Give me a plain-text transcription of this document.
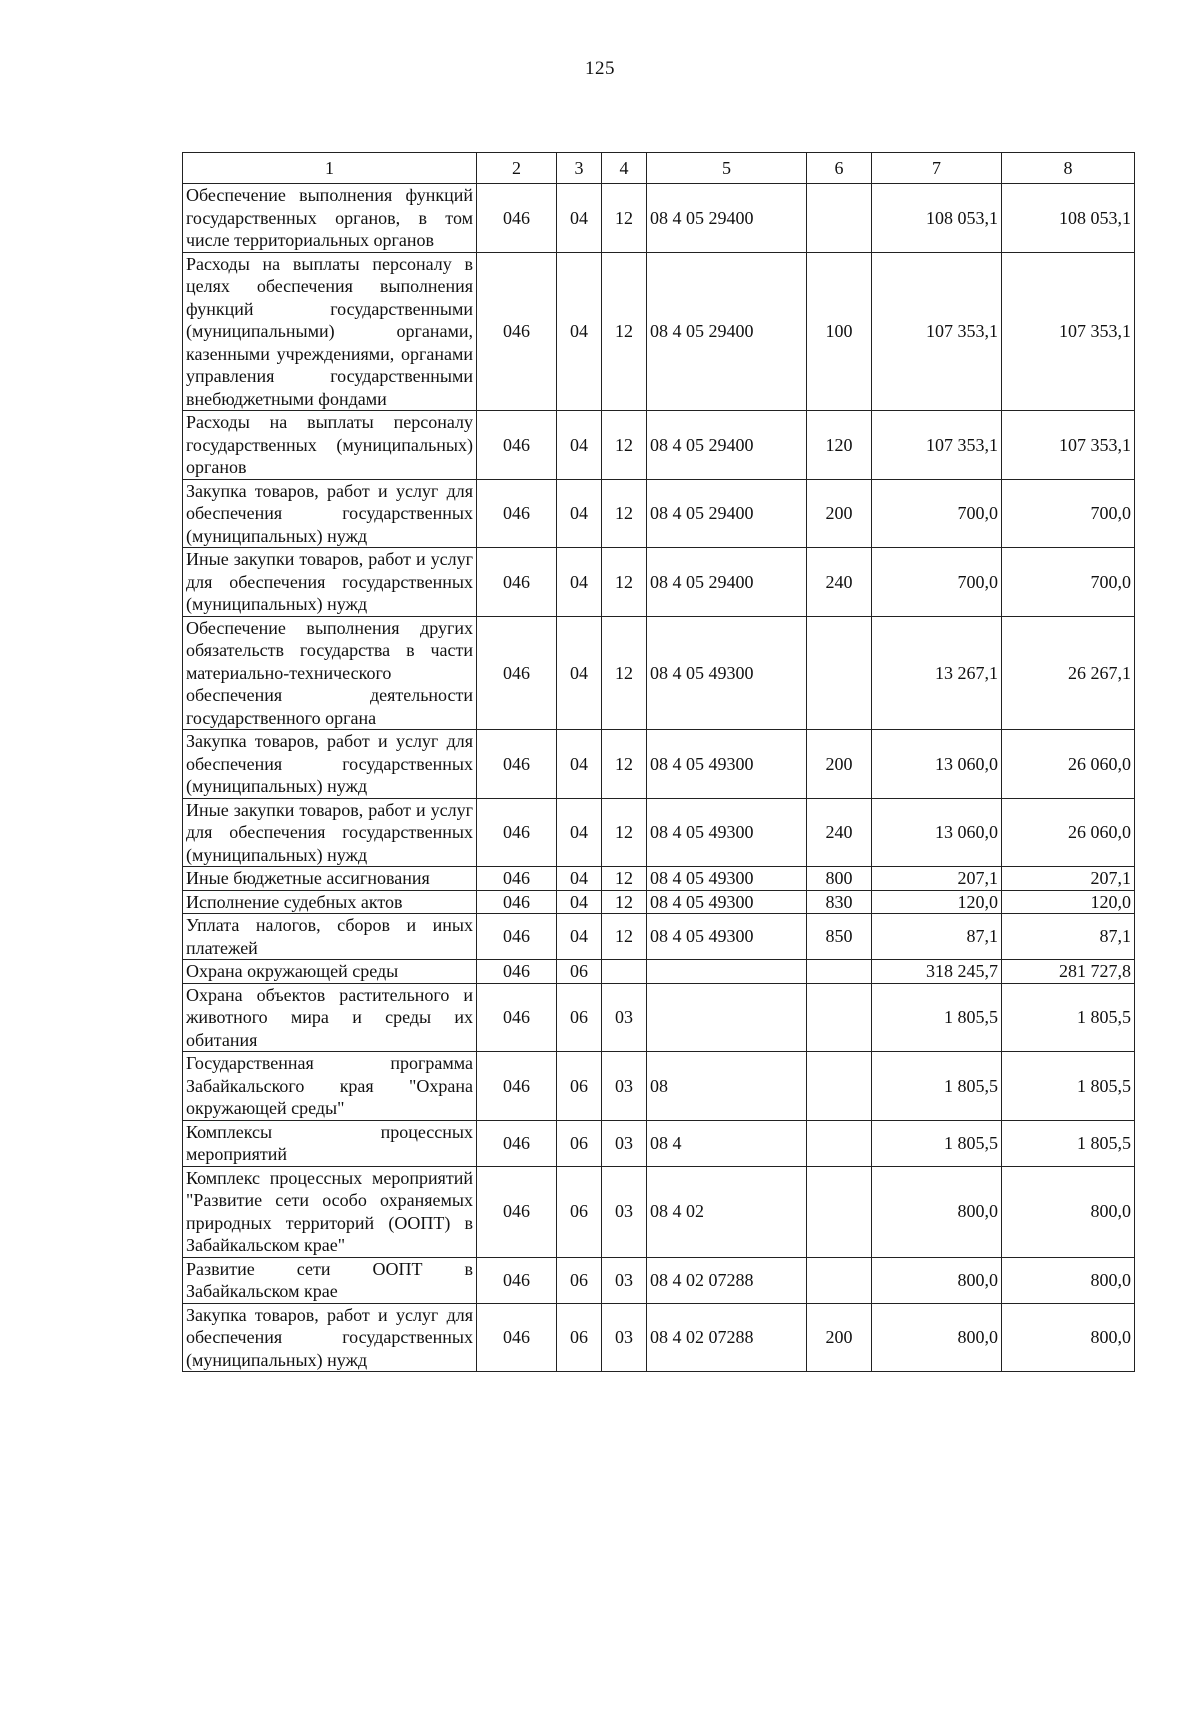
125
1	2	3	4	5	6	7	8
Обеспечение выполнения функций государственных органов, в том числе территориальных органов	046	04	12	08 4 05 29400		108 053,1	108 053,1
Расходы на выплаты персоналу в целях обеспечения выполнения функций государственными (муниципальными) органами, казенными учреждениями, органами управления государственными внебюджетными фондами	046	04	12	08 4 05 29400	100	107 353,1	107 353,1
Расходы на выплаты персоналу государственных (муниципальных) органов	046	04	12	08 4 05 29400	120	107 353,1	107 353,1
Закупка товаров, работ и услуг для обеспечения государственных (муниципальных) нужд	046	04	12	08 4 05 29400	200	700,0	700,0
Иные закупки товаров, работ и услуг для обеспечения государственных (муниципальных) нужд	046	04	12	08 4 05 29400	240	700,0	700,0
Обеспечение выполнения других обязательств государства в части материально-технического обеспечения деятельности государственного органа	046	04	12	08 4 05 49300		13 267,1	26 267,1
Закупка товаров, работ и услуг для обеспечения государственных (муниципальных) нужд	046	04	12	08 4 05 49300	200	13 060,0	26 060,0
Иные закупки товаров, работ и услуг для обеспечения государственных (муниципальных) нужд	046	04	12	08 4 05 49300	240	13 060,0	26 060,0
Иные бюджетные ассигнования	046	04	12	08 4 05 49300	800	207,1	207,1
Исполнение судебных актов	046	04	12	08 4 05 49300	830	120,0	120,0
Уплата налогов, сборов и иных платежей	046	04	12	08 4 05 49300	850	87,1	87,1
Охрана окружающей среды	046	06				318 245,7	281 727,8
Охрана объектов растительного и животного мира и среды их обитания	046	06	03			1 805,5	1 805,5
Государственная программа Забайкальского края "Охрана окружающей среды"	046	06	03	08		1 805,5	1 805,5
Комплексы процессных мероприятий	046	06	03	08 4		1 805,5	1 805,5
Комплекс процессных мероприятий "Развитие сети особо охраняемых природных территорий (ООПТ) в Забайкальском крае"	046	06	03	08 4 02		800,0	800,0
Развитие сети ООПТ в Забайкальском крае	046	06	03	08 4 02 07288		800,0	800,0
Закупка товаров, работ и услуг для обеспечения государственных (муниципальных) нужд	046	06	03	08 4 02 07288	200	800,0	800,0
